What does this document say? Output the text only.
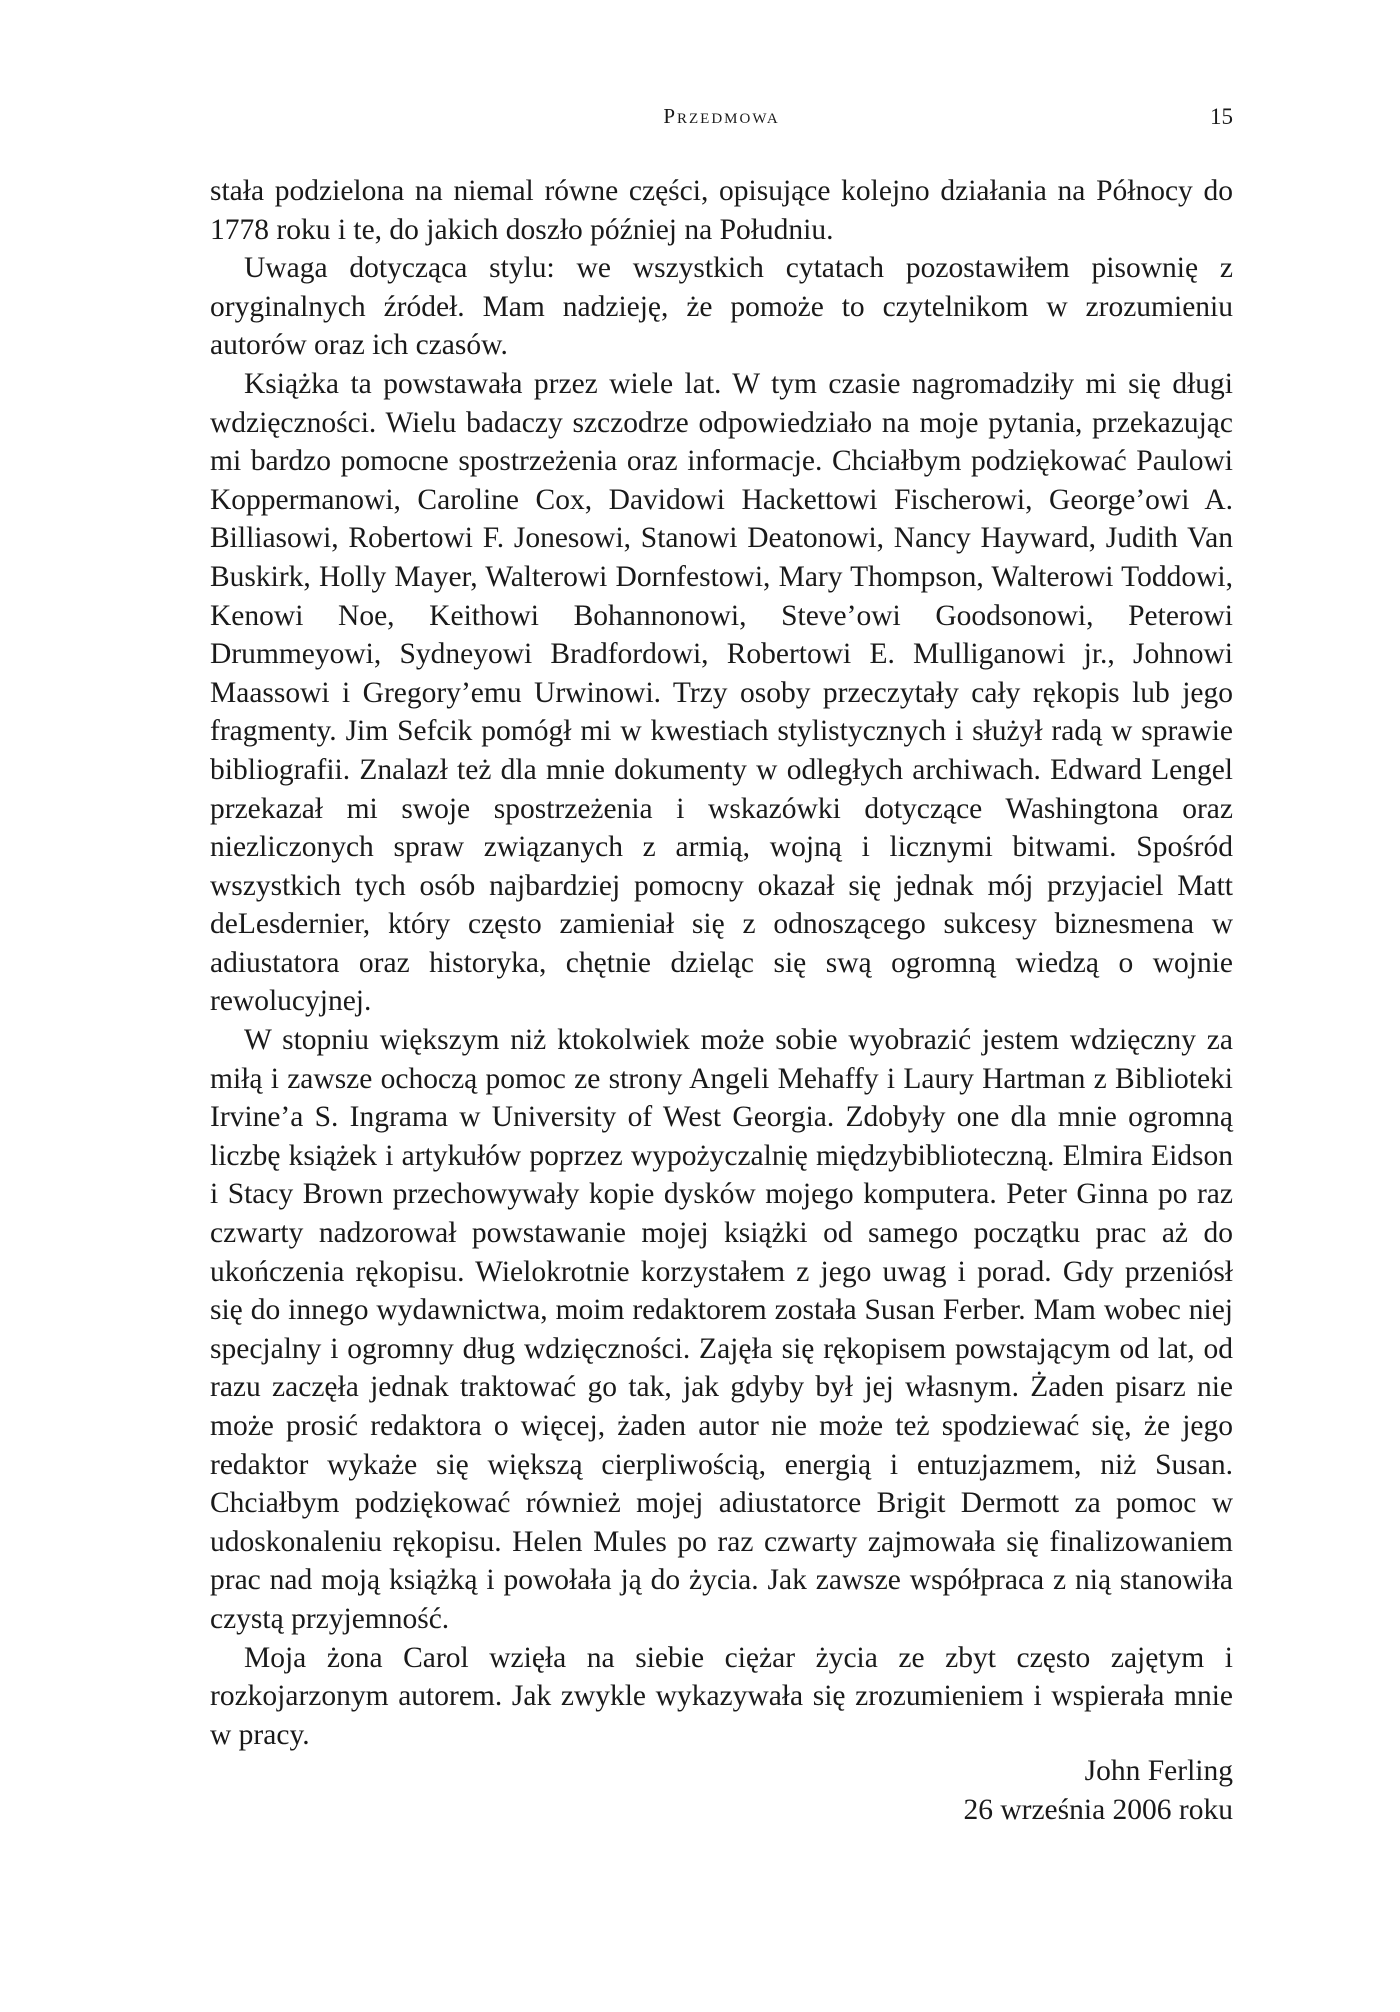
Przedmowa	15

stała podzielona na niemal równe części, opisujące kolejno działania na Północy do 1778 roku i te, do jakich doszło później na Południu.

Uwaga dotycząca stylu: we wszystkich cytatach pozostawiłem pisownię z oryginalnych źródeł. Mam nadzieję, że pomoże to czytelnikom w zrozumieniu autorów oraz ich czasów.

Książka ta powstawała przez wiele lat. W tym czasie nagromadziły mi się długi wdzięczności. Wielu badaczy szczodrze odpowiedziało na moje pytania, przekazując mi bardzo pomocne spostrzeżenia oraz informacje. Chciałbym podziękować Paulowi Koppermanowi, Caroline Cox, Davidowi Hackettowi Fischerowi, George’owi A. Billiasowi, Robertowi F. Jonesowi, Stanowi Deatonowi, Nancy Hayward, Judith Van Buskirk, Holly Mayer, Walterowi Dornfestowi, Mary Thompson, Walterowi Toddowi, Kenowi Noe, Keithowi Bohannonowi, Steve’owi Goodsonowi, Peterowi Drummeyowi, Sydneyowi Bradfordowi, Robertowi E. Mulliganowi jr., Johnowi Maassowi i Gregory’emu Urwinowi. Trzy osoby przeczytały cały rękopis lub jego fragmenty. Jim Sefcik pomógł mi w kwestiach stylistycznych i służył radą w sprawie bibliografii. Znalazł też dla mnie dokumenty w odległych archiwach. Edward Lengel przekazał mi swoje spostrzeżenia i wskazówki dotyczące Washingtona oraz niezliczonych spraw związanych z armią, wojną i licznymi bitwami. Spośród wszystkich tych osób najbardziej pomocny okazał się jednak mój przyjaciel Matt deLesdernier, który często zamieniał się z odnoszącego sukcesy biznesmena w adiustatora oraz historyka, chętnie dzieląc się swą ogromną wiedzą o wojnie rewolucyjnej.

W stopniu większym niż ktokolwiek może sobie wyobrazić jestem wdzięczny za miłą i zawsze ochoczą pomoc ze strony Angeli Mehaffy i Laury Hartman z Biblioteki Irvine’a S. Ingrama w University of West Georgia. Zdobyły one dla mnie ogromną liczbę książek i artykułów poprzez wypożyczalnię międzybiblioteczną. Elmira Eidson i Stacy Brown przechowywały kopie dysków mojego komputera. Peter Ginna po raz czwarty nadzorował powstawanie mojej książki od samego początku prac aż do ukończenia rękopisu. Wielokrotnie korzystałem z jego uwag i porad. Gdy przeniósł się do innego wydawnictwa, moim redaktorem została Susan Ferber. Mam wobec niej specjalny i ogromny dług wdzięczności. Zajęła się rękopisem powstającym od lat, od razu zaczęła jednak traktować go tak, jak gdyby był jej własnym. Żaden pisarz nie może prosić redaktora o więcej, żaden autor nie może też spodziewać się, że jego redaktor wykaże się większą cierpliwością, energią i entuzjazmem, niż Susan. Chciałbym podziękować również mojej adiustatorce Brigit Dermott za pomoc w udoskonaleniu rękopisu. Helen Mules po raz czwarty zajmowała się finalizowaniem prac nad moją książką i powołała ją do życia. Jak zawsze współpraca z nią stanowiła czystą przyjemność.

Moja żona Carol wzięła na siebie ciężar życia ze zbyt często zajętym i rozkojarzonym autorem. Jak zwykle wykazywała się zrozumieniem i wspierała mnie w pracy.

John Ferling
26 września 2006 roku
